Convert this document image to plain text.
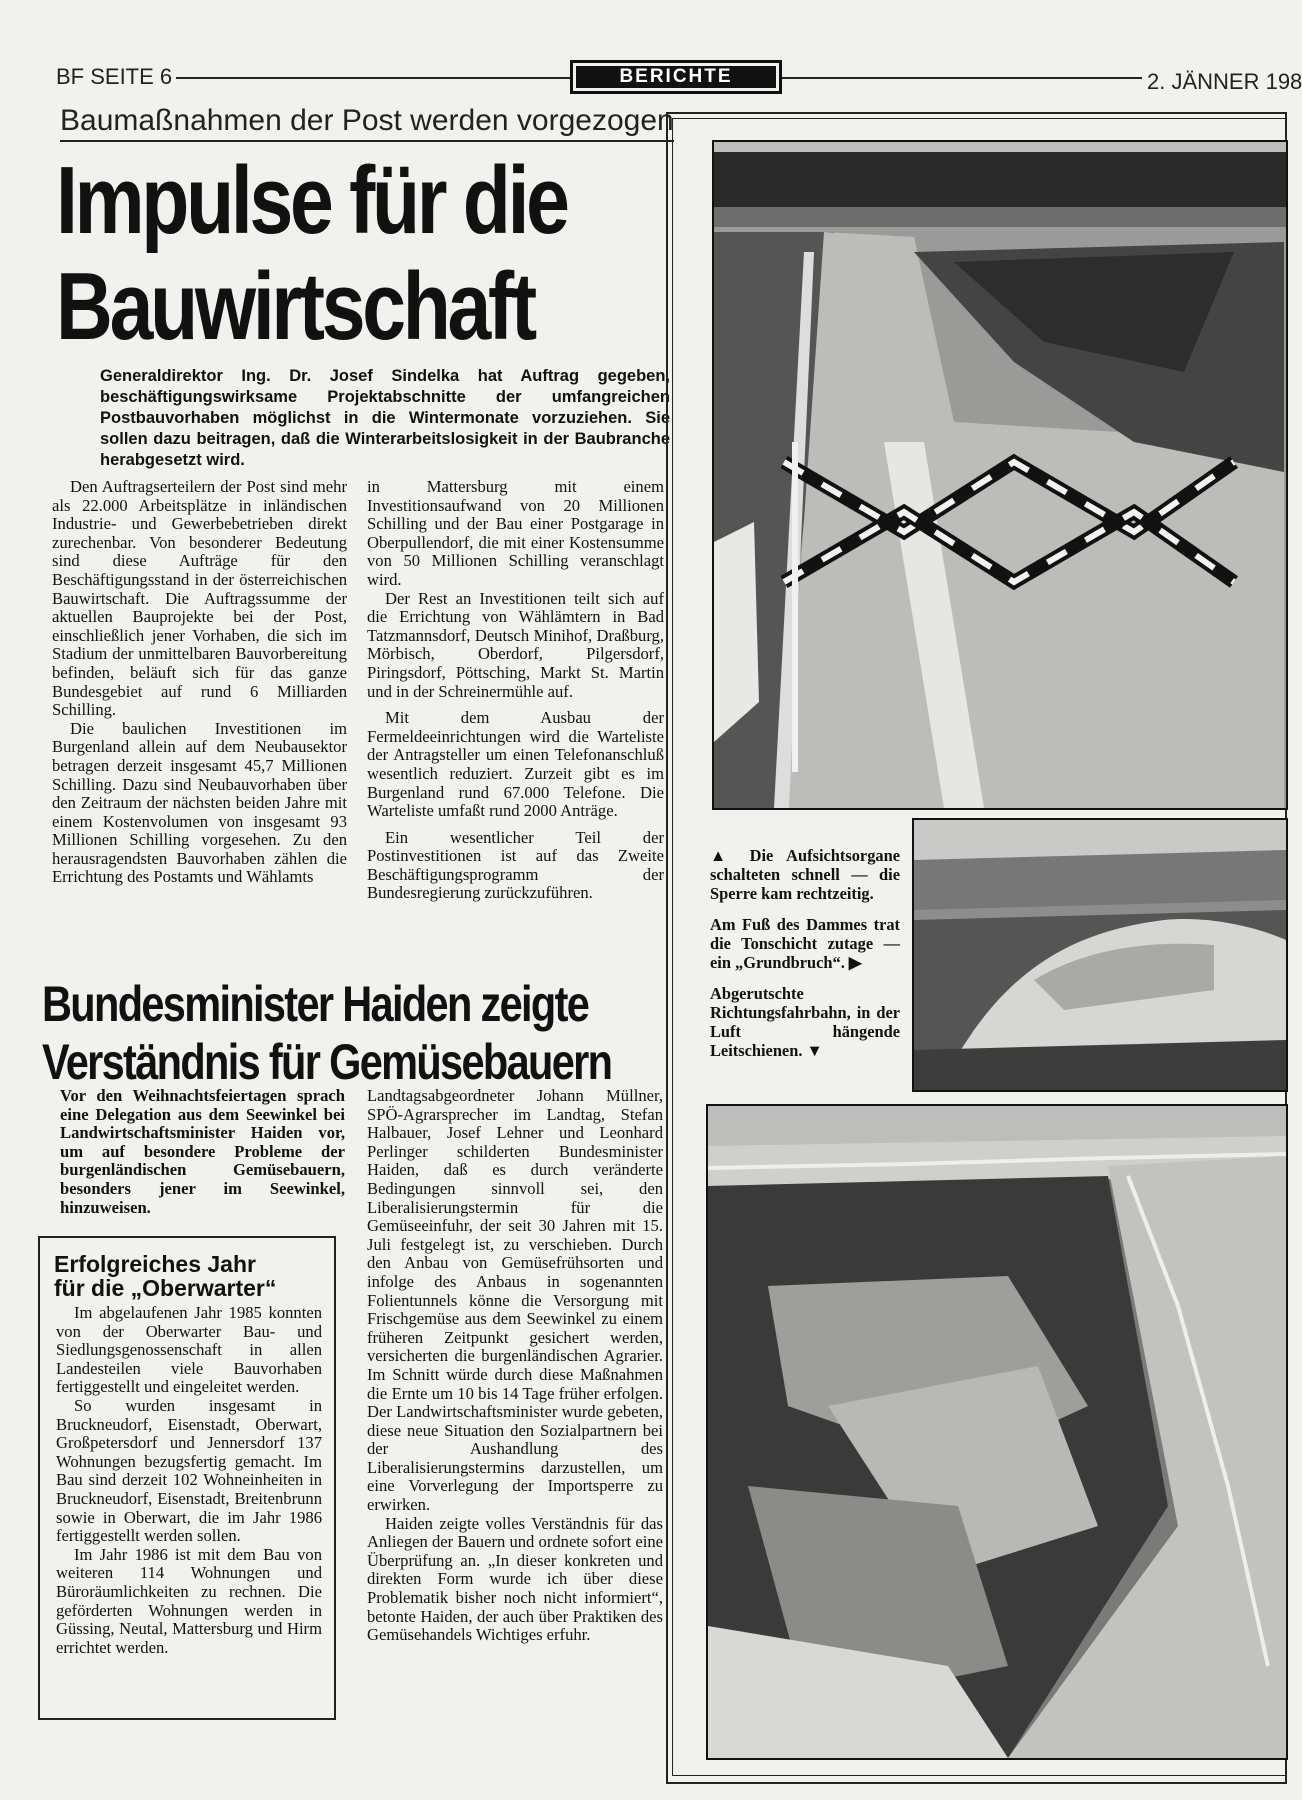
BF SEITE 6	BERICHTE	2. JÄNNER 198
Baumaßnahmen der Post werden vorgezogen
Impulse für die
Bauwirtschaft
Generaldirektor Ing. Dr. Josef Sindelka hat Auftrag gegeben, beschäftigungswirksame Projektabschnitte der umfangreichen Postbauvorhaben möglichst in die Wintermonate vorzuziehen. Sie sollen dazu beitragen, daß die Winterarbeitslosigkeit in der Baubranche herabgesetzt wird.

Den Auftragserteilern der Post sind mehr als 22.000 Arbeitsplätze in inländischen Industrie- und Gewerbebetrieben direkt zurechenbar. Von besonderer Bedeutung sind diese Aufträge für den Beschäftigungsstand in der österreichischen Bauwirtschaft. Die Auftragssumme der aktuellen Bauprojekte bei der Post, einschließlich jener Vorhaben, die sich im Stadium der unmittelbaren Bauvorbereitung befinden, beläuft sich für das ganze Bundesgebiet auf rund 6 Milliarden Schilling.

Die baulichen Investitionen im Burgenland allein auf dem Neubausektor betragen derzeit insgesamt 45,7 Millionen Schilling. Dazu sind Neubauvorhaben über den Zeitraum der nächsten beiden Jahre mit einem Kostenvolumen von insgesamt 93 Millionen Schilling vorgesehen. Zu den herausragendsten Bauvorhaben zählen die Errichtung des Postamts und Wählamts

in Mattersburg mit einem Investitionsaufwand von 20 Millionen Schilling und der Bau einer Postgarage in Oberpullendorf, die mit einer Kostensumme von 50 Millionen Schilling veranschlagt wird.

Der Rest an Investitionen teilt sich auf die Errichtung von Wählämtern in Bad Tatzmannsdorf, Deutsch Minihof, Draßburg, Mörbisch, Oberdorf, Pilgersdorf, Piringsdorf, Pöttsching, Markt St. Martin und in der Schreinermühle auf.

Mit dem Ausbau der Fermeldeeinrichtungen wird die Warteliste der Antragsteller um einen Telefonanschluß wesentlich reduziert. Zurzeit gibt es im Burgenland rund 67.000 Telefone. Die Warteliste umfaßt rund 2000 Anträge.

Ein wesentlicher Teil der Postinvestitionen ist auf das Zweite Beschäftigungsprogramm der Bundesregierung zurückzuführen.

Bundesminister Haiden zeigte
Verständnis für Gemüsebauern
Vor den Weihnachtsfeiertagen sprach eine Delegation aus dem Seewinkel bei Landwirtschaftsminister Haiden vor, um auf besondere Probleme der burgenländischen Gemüsebauern, besonders jener im Seewinkel, hinzuweisen.

Landtagsabgeordneter Johann Müllner, SPÖ-Agrarsprecher im Landtag, Stefan Halbauer, Josef Lehner und Leonhard Perlinger schilderten Bundesminister Haiden, daß es durch veränderte Bedingungen sinnvoll sei, den Liberalisierungstermin für die Gemüseeinfuhr, der seit 30 Jahren mit 15. Juli festgelegt ist, zu verschieben. Durch den Anbau von Gemüsefrühsorten und infolge des Anbaus in sogenannten Folientunnels könne die Versorgung mit Frischgemüse aus dem Seewinkel zu einem früheren Zeitpunkt gesichert werden, versicherten die burgenländischen Agrarier. Im Schnitt würde durch diese Maßnahmen die Ernte um 10 bis 14 Tage früher erfolgen. Der Landwirtschaftsminister wurde gebeten, diese neue Situation den Sozialpartnern bei der Aushandlung des Liberalisierungstermins darzustellen, um eine Vorverlegung der Importsperre zu erwirken.

Haiden zeigte volles Verständnis für das Anliegen der Bauern und ordnete sofort eine Überprüfung an. „In dieser konkreten und direkten Form wurde ich über diese Problematik bisher noch nicht informiert“, betonte Haiden, der auch über Praktiken des Gemüsehandels Wichtiges erfuhr.

Erfolgreiches Jahr
für die „Oberwarter“

Im abgelaufenen Jahr 1985 konnten von der Oberwarter Bau- und Siedlungsgenossenschaft in allen Landesteilen viele Bauvorhaben fertiggestellt und eingeleitet werden.

So wurden insgesamt in Bruckneudorf, Eisenstadt, Oberwart, Großpetersdorf und Jennersdorf 137 Wohnungen bezugsfertig gemacht. Im Bau sind derzeit 102 Wohneinheiten in Bruckneudorf, Eisenstadt, Breitenbrunn sowie in Oberwart, die im Jahr 1986 fertiggestellt werden sollen.

Im Jahr 1986 ist mit dem Bau von weiteren 114 Wohnungen und Büroräumlichkeiten zu rechnen. Die geförderten Wohnungen werden in Güssing, Neutal, Mattersburg und Hirm errichtet werden.

▲ Die Aufsichtsorgane schalteten schnell — die Sperre kam rechtzeitig.

Am Fuß des Dammes trat die Tonschicht zutage — ein „Grundbruch“. ▶

Abgerutschte Richtungsfahrbahn, in der Luft hängende Leitschienen. ▼
